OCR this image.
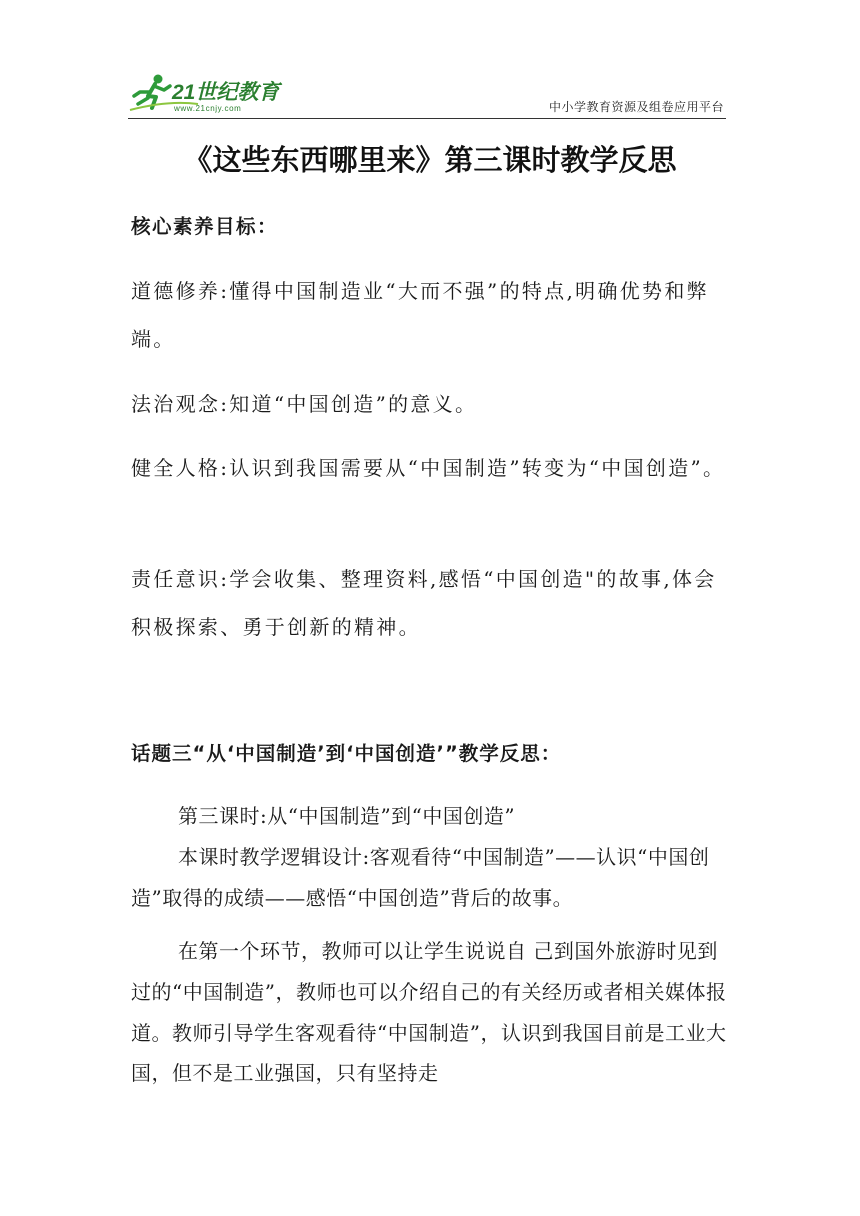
21世纪教育
www.21cnjy.com	中小学教育资源及组卷应用平台
《这些东西哪里来》第三课时教学反思

核心素养目标：

道德修养:懂得中国制造业“大而不强”的特点,明确优势和弊端。

法治观念:知道“中国创造”的意义。

健全人格:认识到我国需要从“中国制造”转变为“中国创造”。

责任意识:学会收集、整理资料,感悟“中国创造"的故事,体会积极探索、勇于创新的精神。

话题三“从‘中国制造’到‘中国创造’”教学反思：

第三课时:从“中国制造”到“中国创造”

本课时教学逻辑设计:客观看待“中国制造”——认识“中国创造”取得的成绩——感悟“中国创造”背后的故事。

在第一个环节，教师可以让学生说说自 己到国外旅游时见到过的“中国制造”，教师也可以介绍自己的有关经历或者相关媒体报道。教师引导学生客观看待“中国制造”，认识到我国目前是工业大国，但不是工业强国，只有坚持走
